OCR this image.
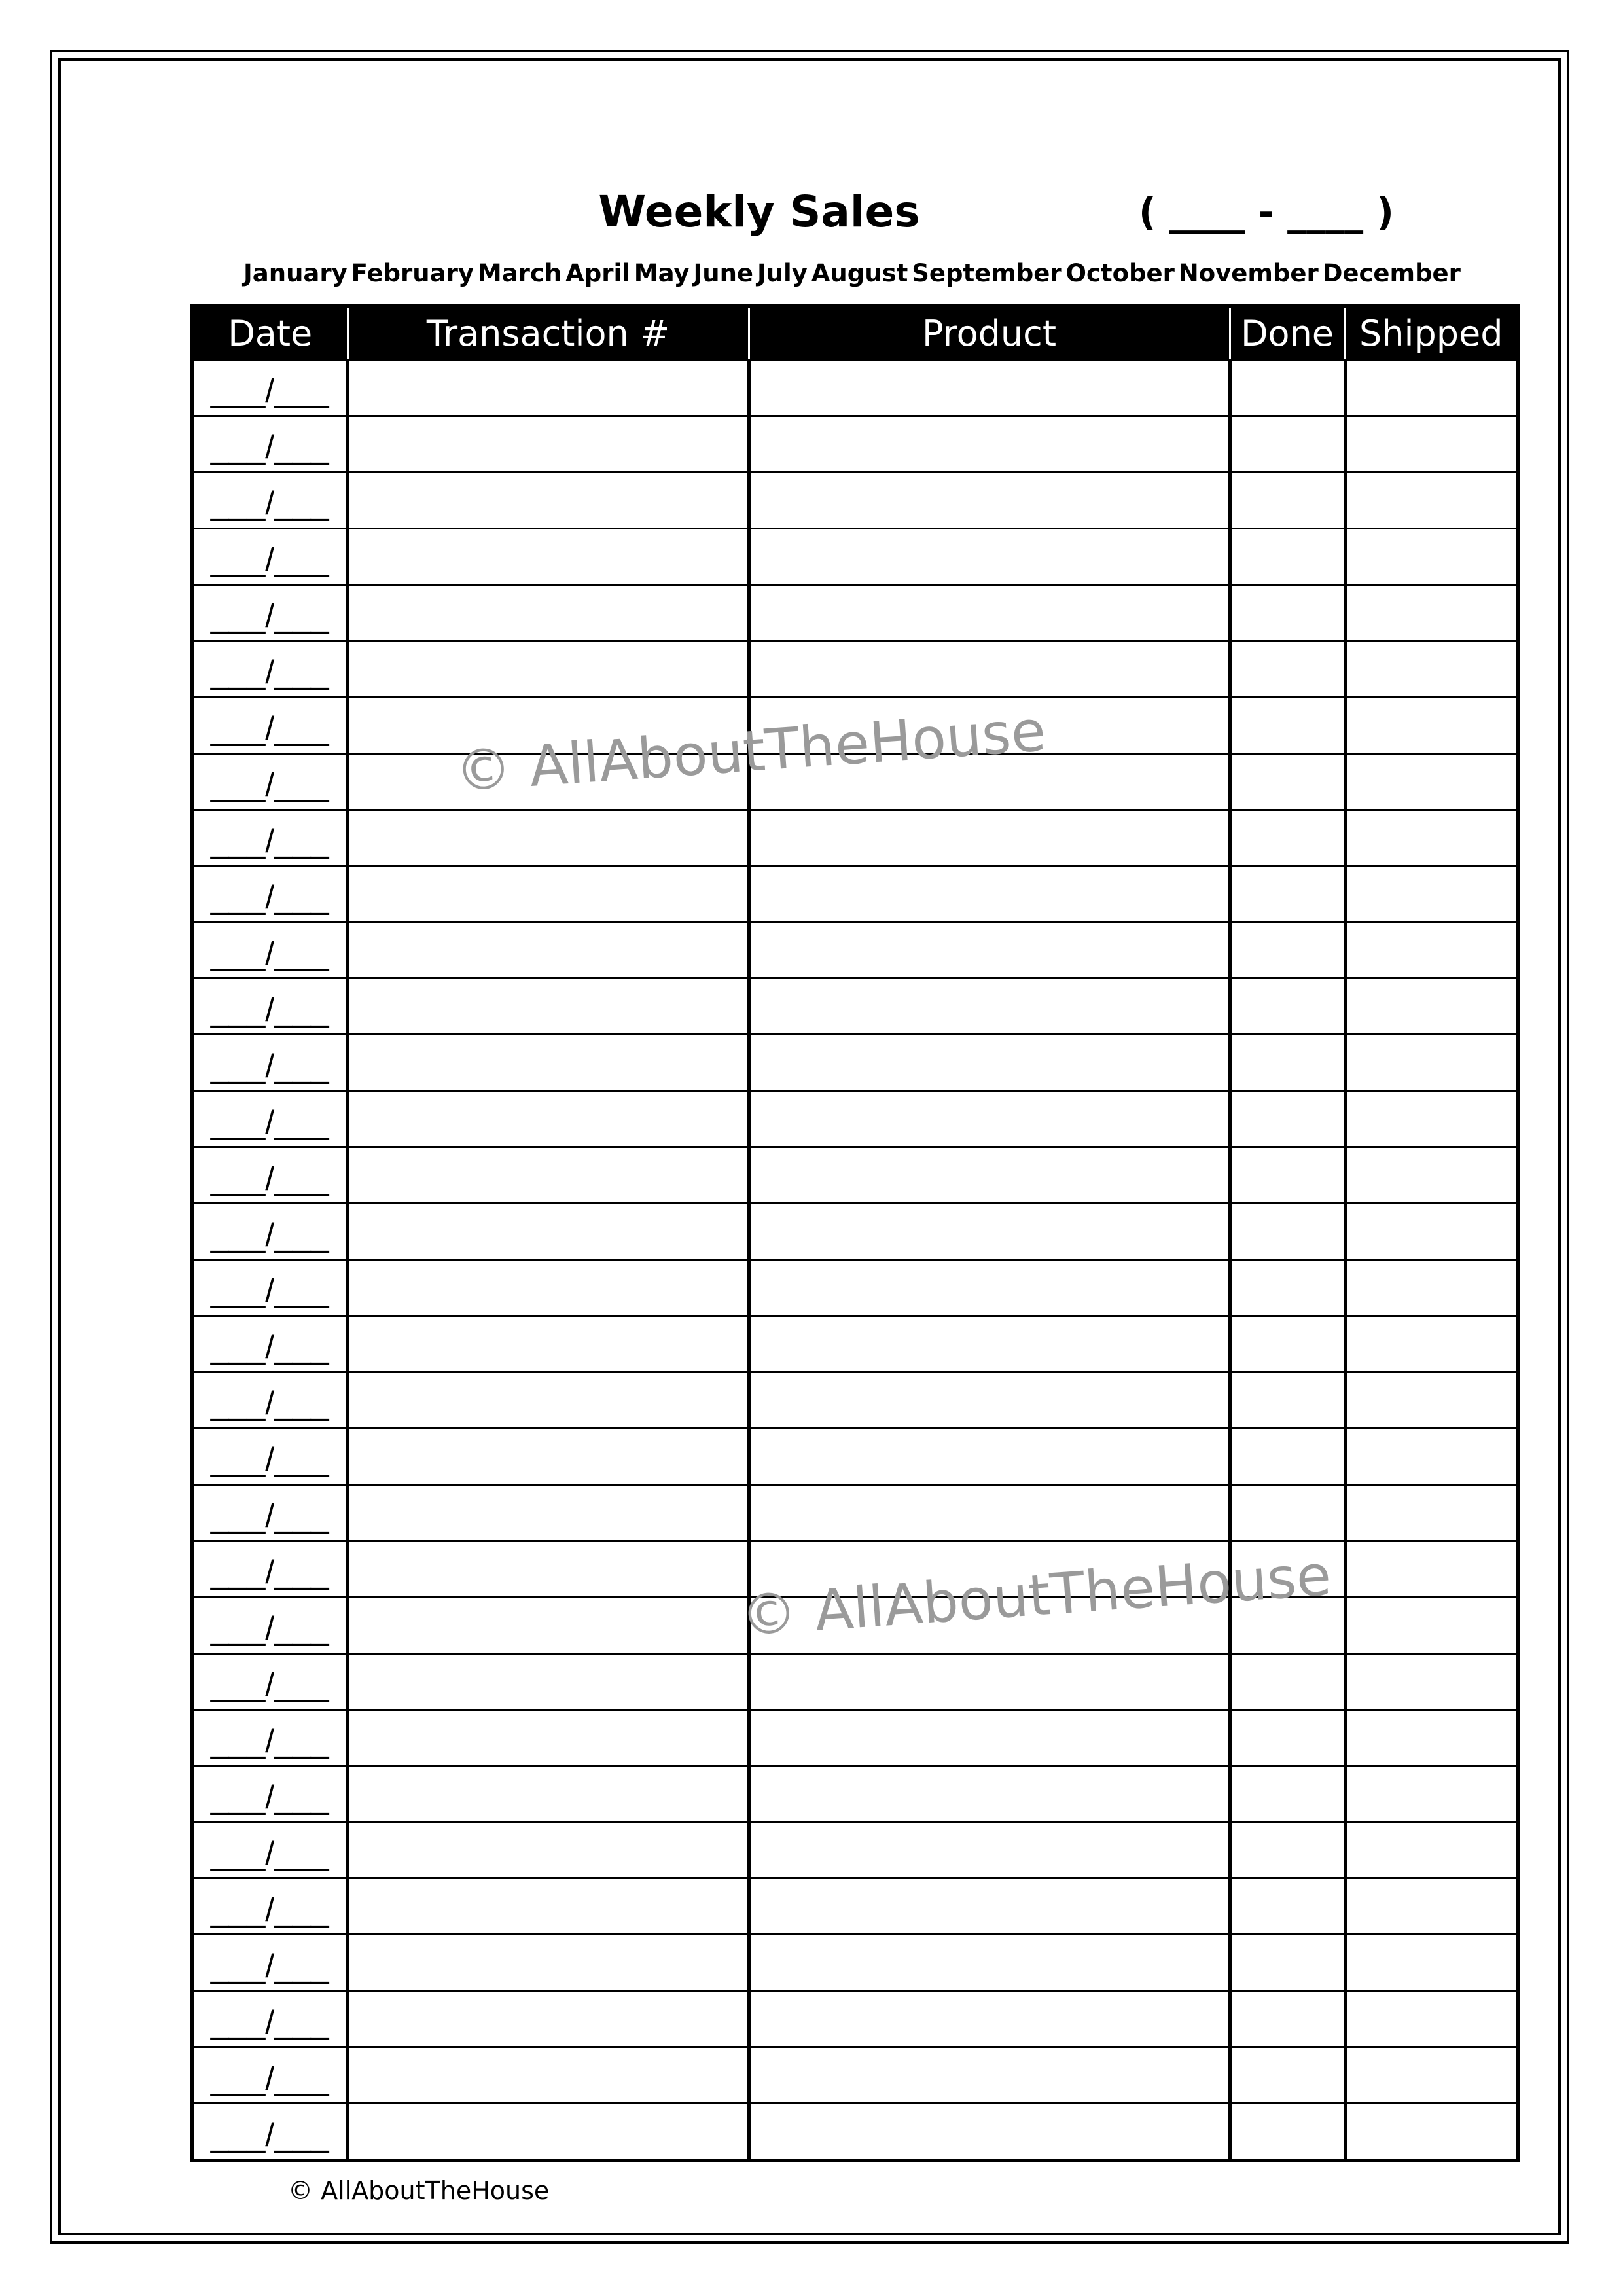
Weekly Sales	( ____ - ____ )
January February March April May June July August September October November December
Date	Transaction #	Product	Done	Shipped

___/___				

___/___				

___/___				

___/___				

___/___				

___/___				

___/___				

___/___				

___/___				

___/___				

___/___				

___/___				

___/___				

___/___				

___/___				

___/___				

___/___				

___/___				

___/___				

___/___				

___/___				

___/___				

___/___				

___/___				

___/___				

___/___				

___/___				

___/___				

___/___				

___/___				

___/___				

___/___				

© AllAboutTheHouse
© AllAboutTheHouse
© AllAboutTheHouse
